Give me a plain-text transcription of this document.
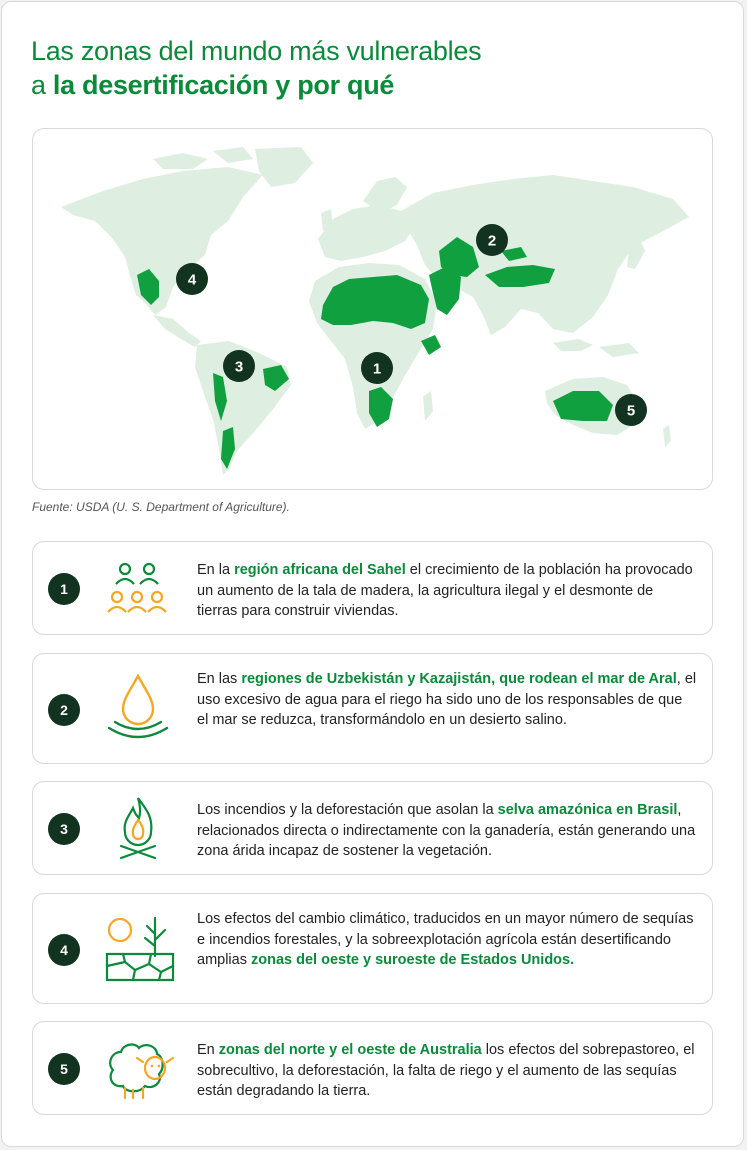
Las zonas del mundo más vulnerables
a la desertificación y por qué
1
2
3
4
5
Fuente: USDA (U. S. Department of Agriculture).
1
En la región africana del Sahel el crecimiento de la población ha provocado un aumento de la tala de madera, la agricultura ilegal y el desmonte de tierras para construir viviendas.
2
En las regiones de Uzbekistán y Kazajistán, que rodean el mar de Aral, el uso excesivo de agua para el riego ha sido uno de los responsables de que el mar se reduzca, transformándolo en un desierto salino.
3
Los incendios y la deforestación que asolan la selva amazónica en Brasil, relacionados directa o indirectamente con la ganadería, están generando una zona árida incapaz de sostener la vegetación.
4
Los efectos del cambio climático, traducidos en un mayor número de sequías e incendios forestales, y la sobreexplotación agrícola están desertificando amplias zonas del oeste y suroeste de Estados Unidos.
5
En zonas del norte y el oeste de Australia los efectos del sobrepastoreo, el sobrecultivo, la deforestación, la falta de riego y el aumento de las sequías están degradando la tierra.
